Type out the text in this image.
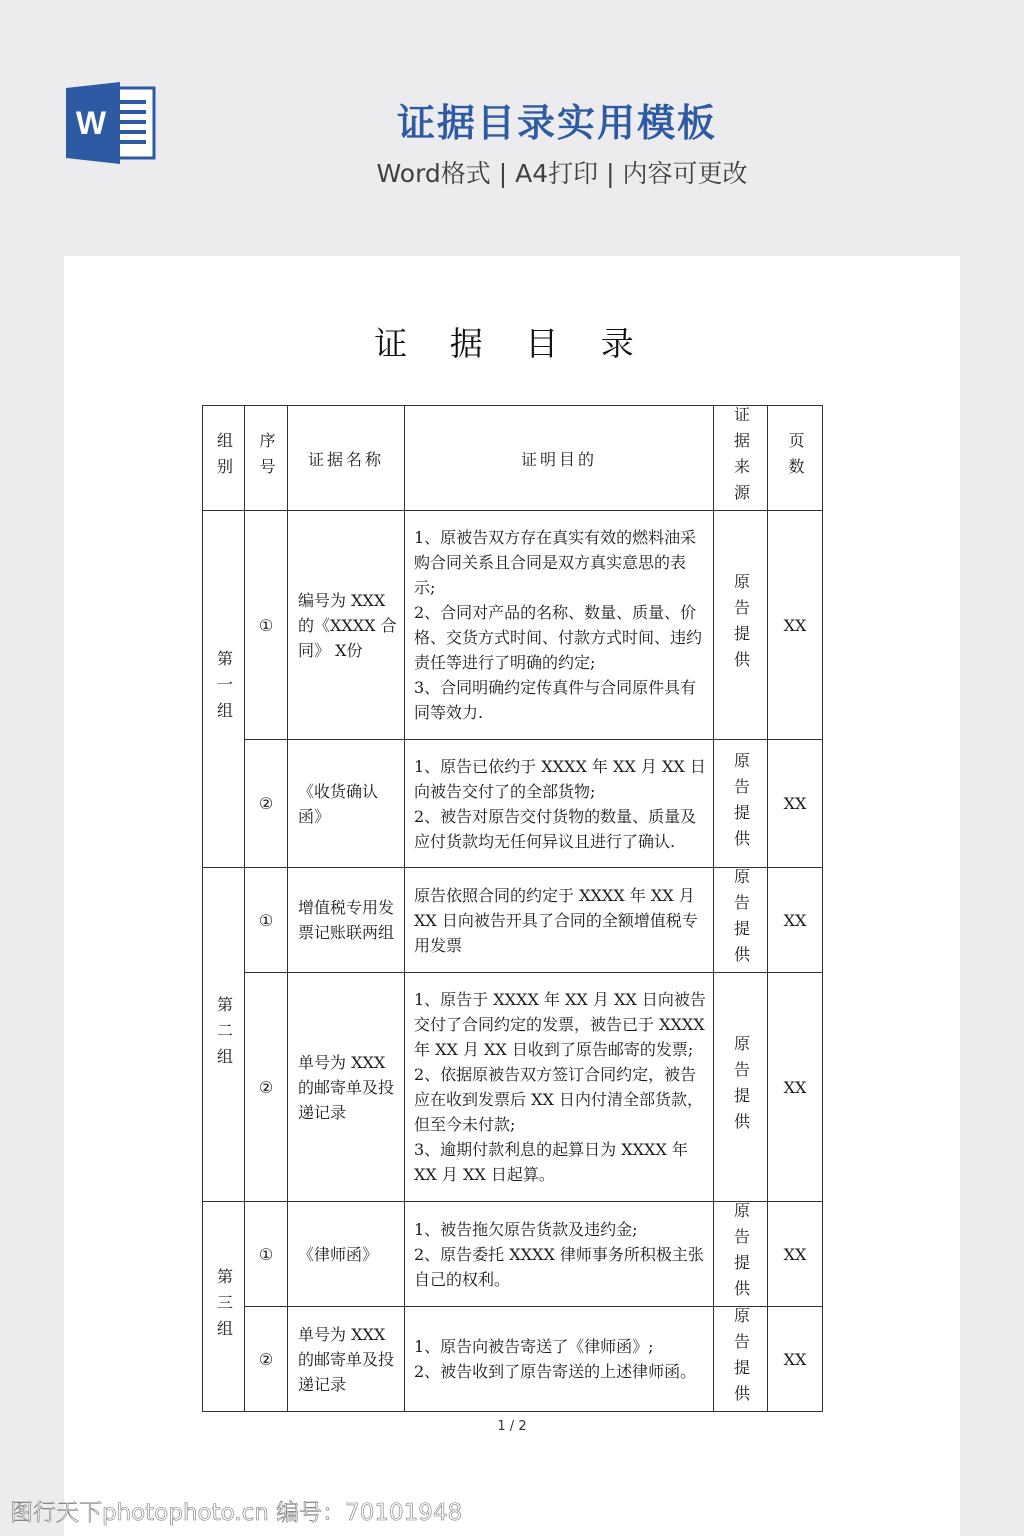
W	证据目录实用模板
Word格式 | A4打印 | 内容可更改
证 据 目 录
组别	序号	证据名称	证明目的	证据来源	页数

第一组	①	编号为 XXX 的《XXXX 合同》 X份	1、原被告双方存在真实有效的燃料油采购合同关系且合同是双方真实意思的表示;
2、合同对产品的名称、数量、质量、价格、交货方式时间、付款方式时间、违约责任等进行了明确的约定;
3、合同明确约定传真件与合同原件具有同等效力.	原告提供	XX
	②	《收货确认函》	1、原告已依约于 XXXX 年 XX 月 XX 日向被告交付了的全部货物;
2、被告对原告交付货物的数量、质量及应付货款均无任何异议且进行了确认.	原告提供	XX

第二组	①	增值税专用发票记账联两组	原告依照合同的约定于 XXXX 年 XX 月 XX 日向被告开具了合同的全额增值税专用发票	原告提供	XX
	②	单号为 XXX 的邮寄单及投递记录	1、原告于 XXXX 年 XX 月 XX 日向被告交付了合同约定的发票，被告已于 XXXX 年 XX 月 XX 日收到了原告邮寄的发票;
2、依据原被告双方签订合同约定，被告应在收到发票后 XX 日内付清全部货款， 但至今未付款;
3、逾期付款利息的起算日为 XXXX 年 XX 月 XX 日起算。	原告提供	XX

第三组	①	《律师函》	1、被告拖欠原告货款及违约金;
2、原告委托 XXXX 律师事务所积极主张自己的权利。	原告提供	XX
	②	单号为 XXX 的邮寄单及投递记录	1、原告向被告寄送了《律师函》;
2、被告收到了原告寄送的上述律师函。	原告提供	XX
1 / 2
图行天下photophoto.cn 编号：70101948
